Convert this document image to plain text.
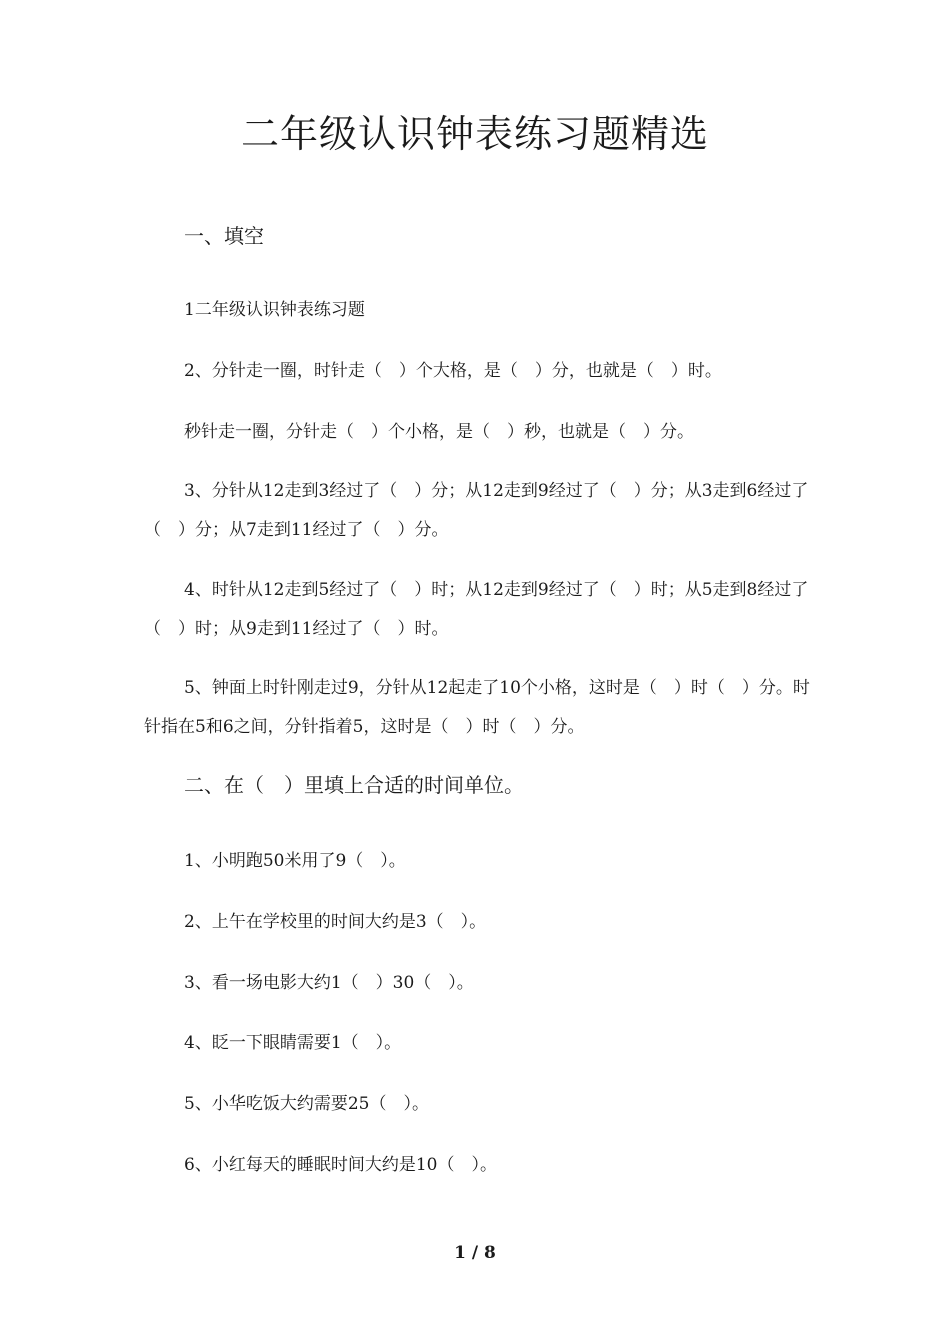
二年级认识钟表练习题精选
一、填空
1二年级认识钟表练习题
2、分针走一圈，时针走（　）个大格，是（　）分，也就是（　）时。
秒针走一圈，分针走（　）个小格，是（　）秒，也就是（　）分。
3、分针从12走到3经过了（　）分；从12走到9经过了（　）分；从3走到6经过了（　）分；从7走到11经过了（　）分。
4、时针从12走到5经过了（　）时；从12走到9经过了（　）时；从5走到8经过了（　）时；从9走到11经过了（　）时。
5、钟面上时针刚走过9，分针从12起走了10个小格，这时是（　）时（　）分。时针指在5和6之间，分针指着5，这时是（　）时（　）分。
二、在（　）里填上合适的时间单位。
1、小明跑50米用了9（　）。
2、上午在学校里的时间大约是3（　）。
3、看一场电影大约1（　）30（　）。
4、眨一下眼睛需要1（　）。
5、小华吃饭大约需要25（　）。
6、小红每天的睡眠时间大约是10（　）。
1 / 8
